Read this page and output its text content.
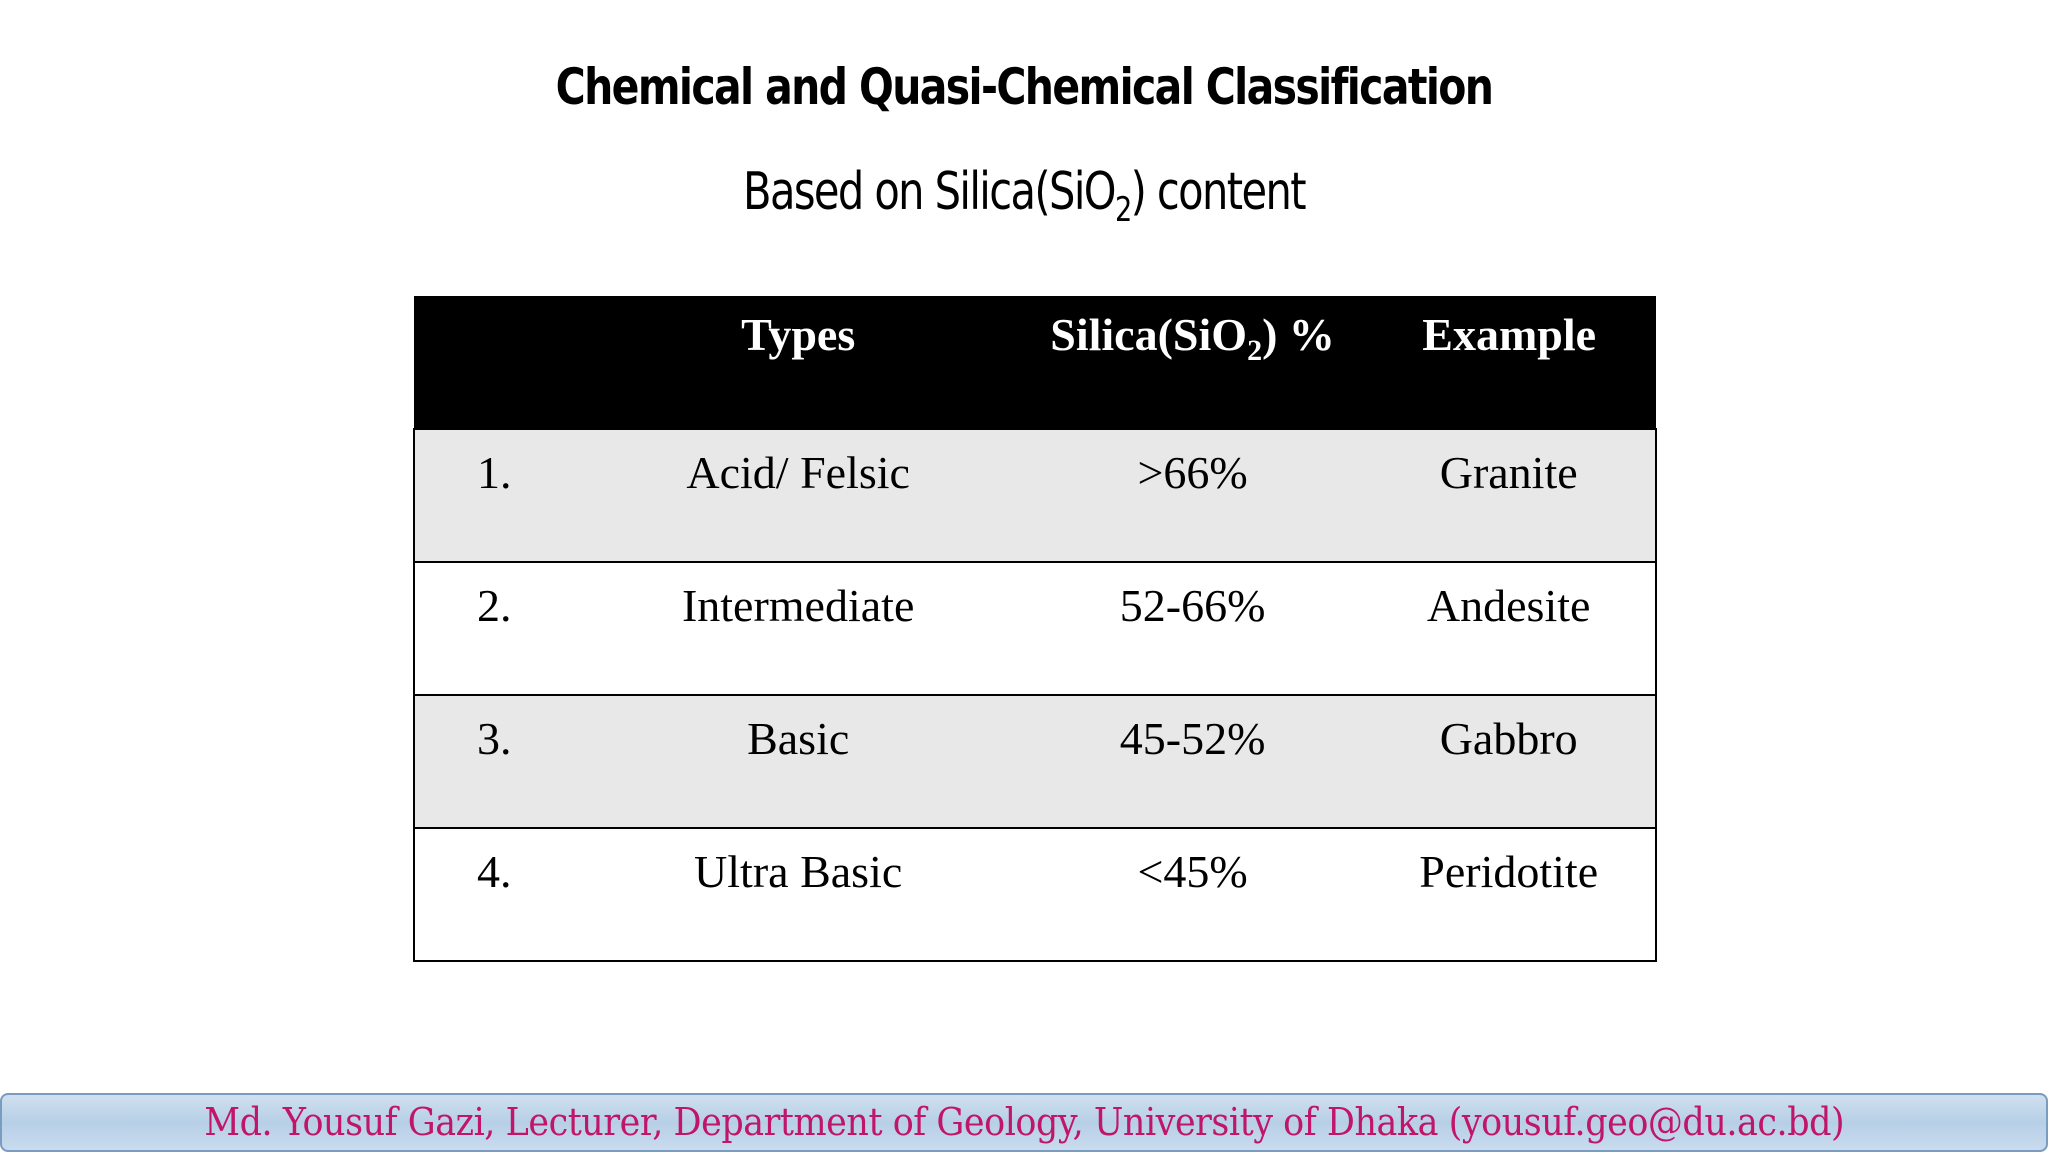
Chemical and Quasi-Chemical Classification
Based on Silica(SiO$_2$) content
	Types	Silica(SiO$_2$) %	Example
1.	Acid/ Felsic	>66%	Granite
2.	Intermediate	52-66%	Andesite
3.	Basic	45-52%	Gabbro
4.	Ultra Basic	<45%	Peridotite
Md. Yousuf Gazi, Lecturer, Department of Geology, University of Dhaka (yousuf.geo@du.ac.bd)
